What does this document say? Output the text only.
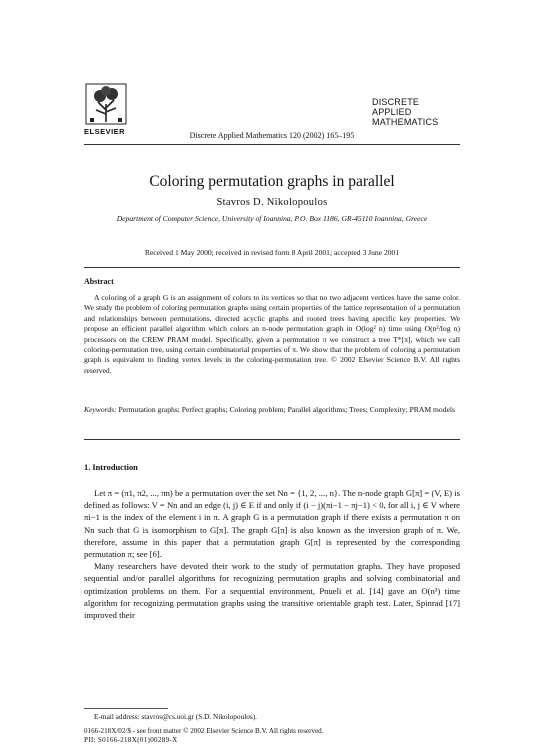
ELSEVIER	Discrete Applied Mathematics 120 (2002) 165–195
DISCRETE
APPLIED
MATHEMATICS
Coloring permutation graphs in parallel
Stavros D. Nikolopoulos
Department of Computer Science, University of Ioannina, P.O. Box 1186, GR-45110 Ioannina, Greece
Received 1 May 2000; received in revised form 8 April 2001; accepted 3 June 2001
Abstract

A coloring of a graph G is an assignment of colors to its vertices so that no two adjacent vertices have the same color. We study the problem of coloring permutation graphs using certain properties of the lattice representation of a permutation and relationships between permutations, directed acyclic graphs and rooted trees having specific key properties. We propose an efficient parallel algorithm which colors an n-node permutation graph in O(log² n) time using O(n²/log n) processors on the CREW PRAM model. Specifically, given a permutation π we construct a tree T*[π], which we call coloring-permutation tree, using certain combinatorial properties of π. We show that the problem of coloring a permutation graph is equivalent to finding vertex levels in the coloring-permutation tree. © 2002 Elsevier Science B.V. All rights reserved.

Keywords: Permutation graphs; Perfect graphs; Coloring problem; Parallel algorithms; Trees; Complexity; PRAM models
1. Introduction

Let π = (π1, π2, ..., πn) be a permutation over the set Nn = {1, 2, ..., n}. The n-node graph G[π] = (V, E) is defined as follows: V = Nn and an edge (i, j) ∈ E if and only if (i − j)(πi−1 − πj−1) < 0, for all i, j ∈ V where πi−1 is the index of the element i in π. A graph G is a permutation graph if there exists a permutation π on Nn such that G is isomorphism to G[π]. The graph G[π] is also known as the inversion graph of π. We, therefore, assume in this paper that a permutation graph G[π] is represented by the corresponding permutation π; see [6].

Many researchers have devoted their work to the study of permutation graphs. They have proposed sequential and/or parallel algorithms for recognizing permutation graphs and solving combinatorial and optimization problems on them. For a sequential environment, Pnueli et al. [14] gave an O(n³) time algorithm for recognizing permutation graphs using the transitive orientable graph test. Later, Spinrad [17] improved their

E-mail address: stavros@cs.uoi.gr (S.D. Nikolopoulos).
0166-218X/02/$ - see front matter © 2002 Elsevier Science B.V. All rights reserved.
PII: S0166-218X(01)00289-X
